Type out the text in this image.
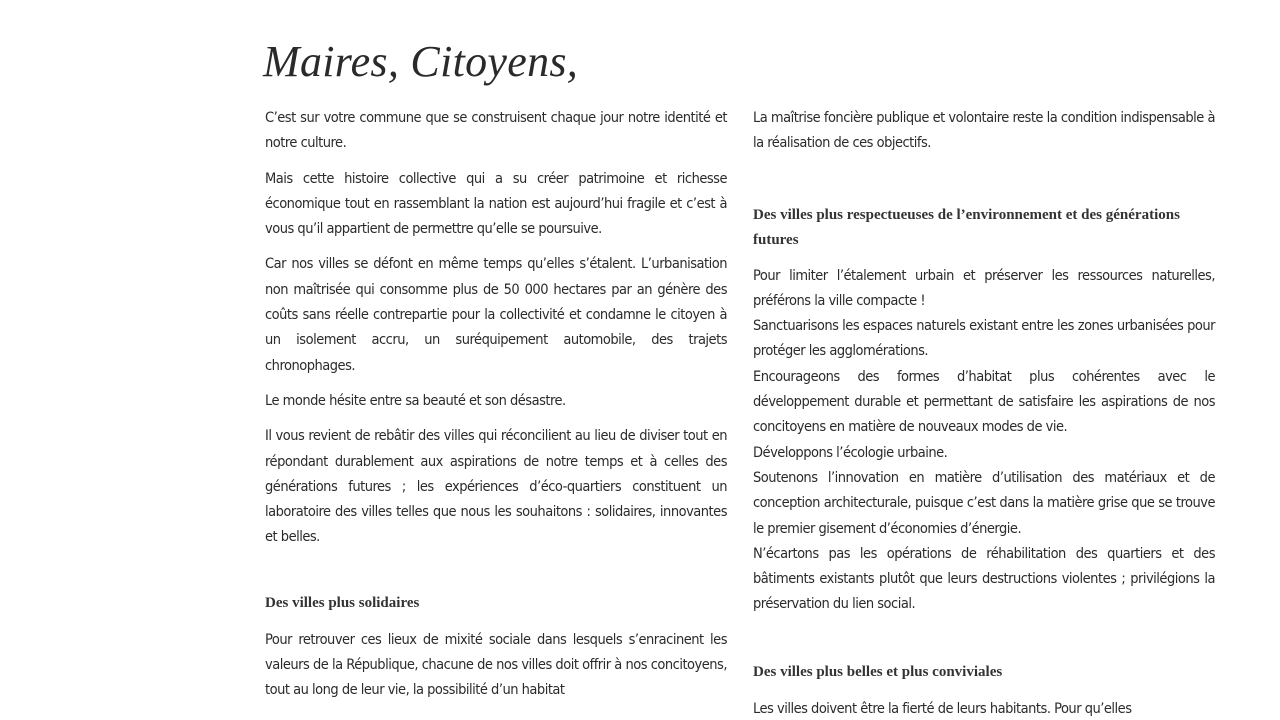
Maires, Citoyens,

C’est sur votre commune que se construisent chaque jour notre identité et notre culture.

Mais cette histoire collective qui a su créer patrimoine et richesse économique tout en rassemblant la nation est aujourd’hui fragile et c’est à vous qu’il appartient de permettre qu’elle se poursuive.

Car nos villes se défont en même temps qu’elles s’étalent. L’urbanisation non maîtrisée qui consomme plus de 50 000 hectares par an génère des coûts sans réelle contrepartie pour la collectivité et condamne le citoyen à un isolement accru, un suréquipement automobile, des trajets chronophages.

Le monde hésite entre sa beauté et son désastre.

Il vous revient de rebâtir des villes qui réconcilient au lieu de diviser tout en répondant durablement aux aspirations de notre temps et à celles des générations futures ; les expériences d’éco-quartiers constituent un laboratoire des villes telles que nous les souhaitons : solidaires, innovantes et belles.

Des villes plus solidaires

Pour retrouver ces lieux de mixité sociale dans lesquels s’enracinent les valeurs de la République, chacune de nos villes doit offrir à nos concitoyens, tout au long de leur vie, la possibilité d’un habitat

La maîtrise foncière publique et volontaire reste la condition indispensable à la réalisation de ces objectifs.

Des villes plus respectueuses de l’environnement et des générations futures

Pour limiter l’étalement urbain et préserver les ressources naturelles, préférons la ville compacte !
Sanctuarisons les espaces naturels existant entre les zones urbanisées pour protéger les agglomérations.
Encourageons des formes d’habitat plus cohérentes avec le développement durable et permettant de satisfaire les aspirations de nos concitoyens en matière de nouveaux modes de vie.
Développons l’écologie urbaine.
Soutenons l’innovation en matière d’utilisation des matériaux et de conception architecturale, puisque c’est dans la matière grise que se trouve le premier gisement d’économies d’énergie.
N’écartons pas les opérations de réhabilitation des quartiers et des bâtiments existants plutôt que leurs destructions violentes ; privilégions la préservation du lien social.

Des villes plus belles et plus conviviales

Les villes doivent être la fierté de leurs habitants. Pour qu’elles
